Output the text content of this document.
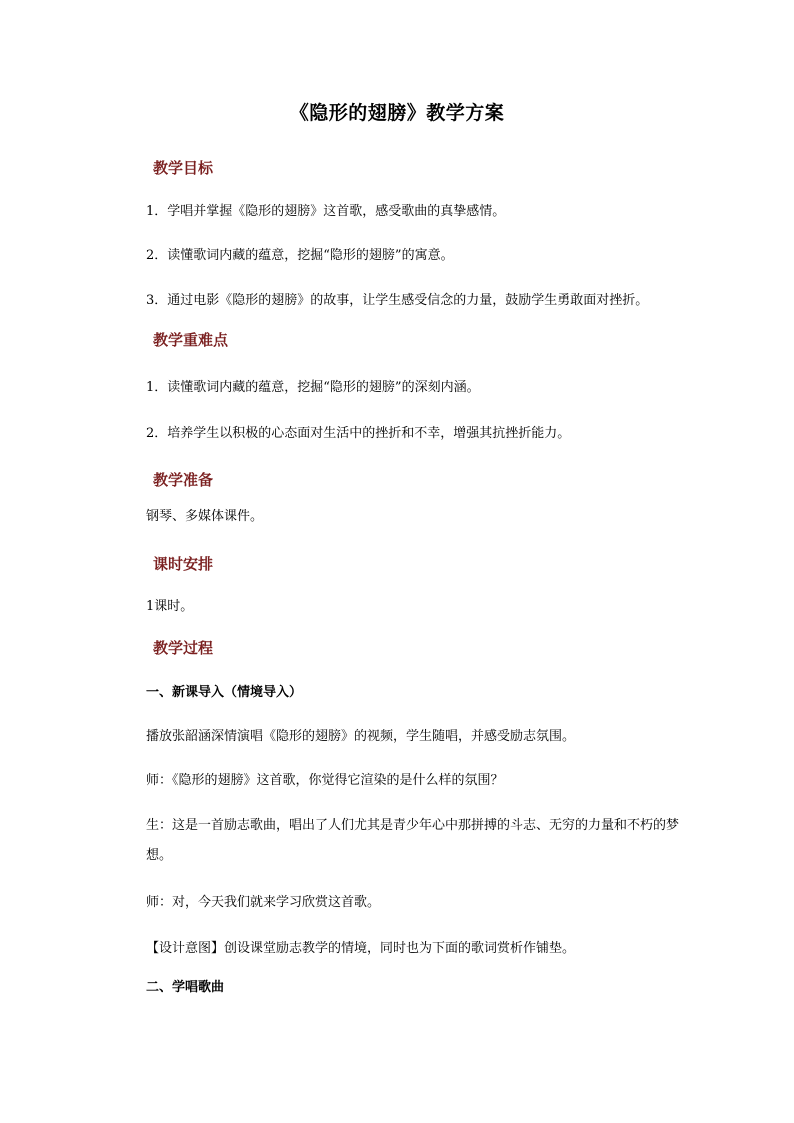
《隐形的翅膀》教学方案
教学目标
1．学唱并掌握《隐形的翅膀》这首歌，感受歌曲的真挚感情。
2．读懂歌词内藏的蕴意，挖掘“隐形的翅膀”的寓意。
3．通过电影《隐形的翅膀》的故事，让学生感受信念的力量，鼓励学生勇敢面对挫折。
教学重难点
1．读懂歌词内藏的蕴意，挖掘“隐形的翅膀”的深刻内涵。
2．培养学生以积极的心态面对生活中的挫折和不幸，增强其抗挫折能力。
教学准备
钢琴、多媒体课件。
课时安排
1课时。
教学过程
一、新课导入（情境导入）
播放张韶涵深情演唱《隐形的翅膀》的视频，学生随唱，并感受励志氛围。
师：《隐形的翅膀》这首歌，你觉得它渲染的是什么样的氛围？
生：这是一首励志歌曲，唱出了人们尤其是青少年心中那拼搏的斗志、无穷的力量和不朽的梦想。
师：对，今天我们就来学习欣赏这首歌。
【设计意图】创设课堂励志教学的情境，同时也为下面的歌词赏析作铺垫。
二、学唱歌曲
